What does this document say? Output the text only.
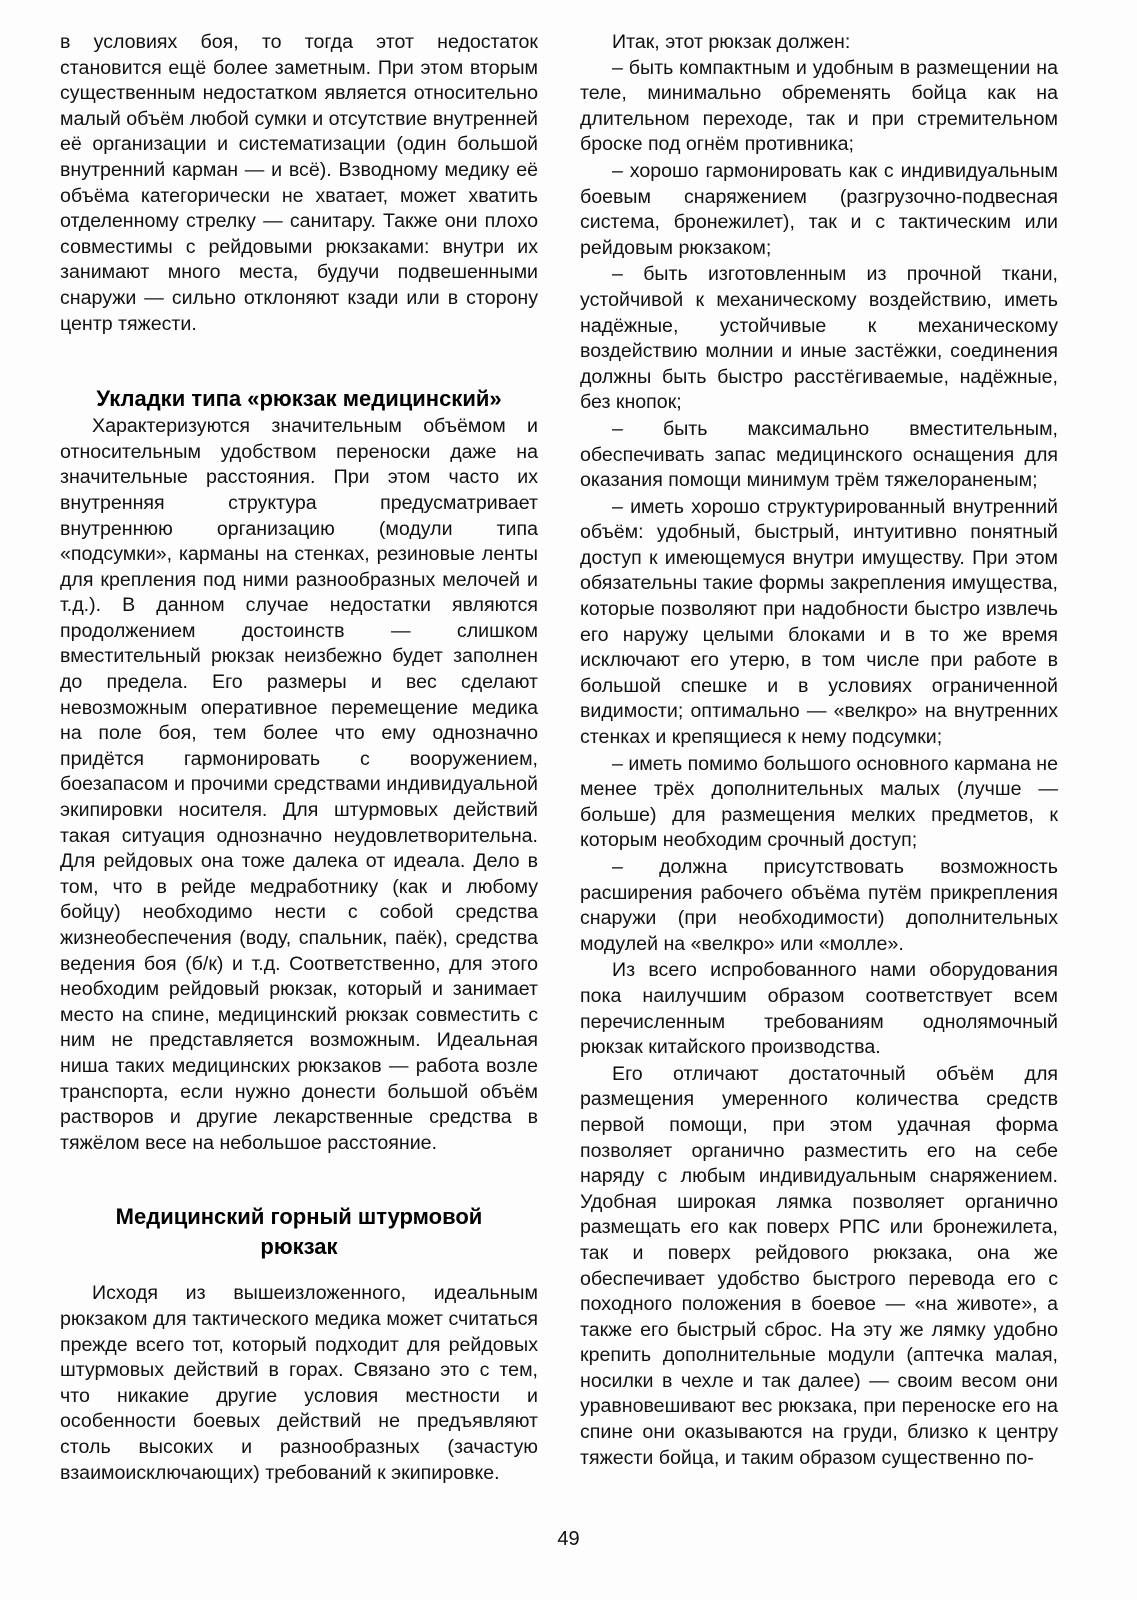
в условиях боя, то тогда этот недостаток становится ещё более заметным. При этом вторым существенным недостатком является относительно малый объём любой сумки и отсутствие внутренней её организации и систематизации (один большой внутренний карман — и всё). Взводному медику её объёма категорически не хватает, может хватить отделенному стрелку — санитару. Также они плохо совместимы с рейдовыми рюкзаками: внутри их занимают много места, будучи подвешенными снаружи — сильно отклоняют кзади или в сторону центр тяжести.

Укладки типа «рюкзак медицинский»

Характеризуются значительным объёмом и относительным удобством переноски даже на значительные расстояния. При этом часто их внутренняя структура предусматривает внутреннюю организацию (модули типа «подсумки», карманы на стенках, резиновые ленты для крепления под ними разнообразных мелочей и т.д.). В данном случае недостатки являются продолжением достоинств — слишком вместительный рюкзак неизбежно будет заполнен до предела. Его размеры и вес сделают невозможным оперативное перемещение медика на поле боя, тем более что ему однозначно придётся гармонировать с вооружением, боезапасом и прочими средствами индивидуальной экипировки носителя. Для штурмовых действий такая ситуация однозначно неудовлетворительна. Для рейдовых она тоже далека от идеала. Дело в том, что в рейде медработнику (как и любому бойцу) необходимо нести с собой средства жизнеобеспечения (воду, спальник, паёк), средства ведения боя (б/к) и т.д. Соответственно, для этого необходим рейдовый рюкзак, который и занимает место на спине, медицинский рюкзак совместить с ним не представляется возможным. Идеальная ниша таких медицинских рюкзаков — работа возле транспорта, если нужно донести большой объём растворов и другие лекарственные средства в тяжёлом весе на небольшое расстояние.

Медицинский горный штурмовой рюкзак

Исходя из вышеизложенного, идеальным рюкзаком для тактического медика может считаться прежде всего тот, который подходит для рейдовых штурмовых действий в горах. Связано это с тем, что никакие другие условия местности и особенности боевых действий не предъявляют столь высоких и разнообразных (зачастую взаимоисключающих) требований к экипировке.

Итак, этот рюкзак должен:

– быть компактным и удобным в размещении на теле, минимально обременять бойца как на длительном переходе, так и при стремительном броске под огнём противника;

– хорошо гармонировать как с индивидуальным боевым снаряжением (разгрузочно-подвесная система, бронежилет), так и с тактическим или рейдовым рюкзаком;

– быть изготовленным из прочной ткани, устойчивой к механическому воздействию, иметь надёжные, устойчивые к механическому воздействию молнии и иные застёжки, соединения должны быть быстро расстёгиваемые, надёжные, без кнопок;

– быть максимально вместительным, обеспечивать запас медицинского оснащения для оказания помощи минимум трём тяжелораненым;

– иметь хорошо структурированный внутренний объём: удобный, быстрый, интуитивно понятный доступ к имеющемуся внутри имуществу. При этом обязательны такие формы закрепления имущества, которые позволяют при надобности быстро извлечь его наружу целыми блоками и в то же время исключают его утерю, в том числе при работе в большой спешке и в условиях ограниченной видимости; оптимально — «велкро» на внутренних стенках и крепящиеся к нему подсумки;

– иметь помимо большого основного кармана не менее трёх дополнительных малых (лучше — больше) для размещения мелких предметов, к которым необходим срочный доступ;

– должна присутствовать возможность расширения рабочего объёма путём прикрепления снаружи (при необходимости) дополнительных модулей на «велкро» или «молле».

Из всего испробованного нами оборудования пока наилучшим образом соответствует всем перечисленным требованиям однолямочный рюкзак китайского производства.

Его отличают достаточный объём для размещения умеренного количества средств первой помощи, при этом удачная форма позволяет органично разместить его на себе наряду с любым индивидуальным снаряжением. Удобная широкая лямка позволяет органично размещать его как поверх РПС или бронежилета, так и поверх рейдового рюкзака, она же обеспечивает удобство быстрого перевода его с походного положения в боевое — «на животе», а также его быстрый сброс. На эту же лямку удобно крепить дополнительные модули (аптечка малая, носилки в чехле и так далее) — своим весом они уравновешивают вес рюкзака, при переноске его на спине они оказываются на груди, близко к центру тяжести бойца, и таким образом существенно по-

49
